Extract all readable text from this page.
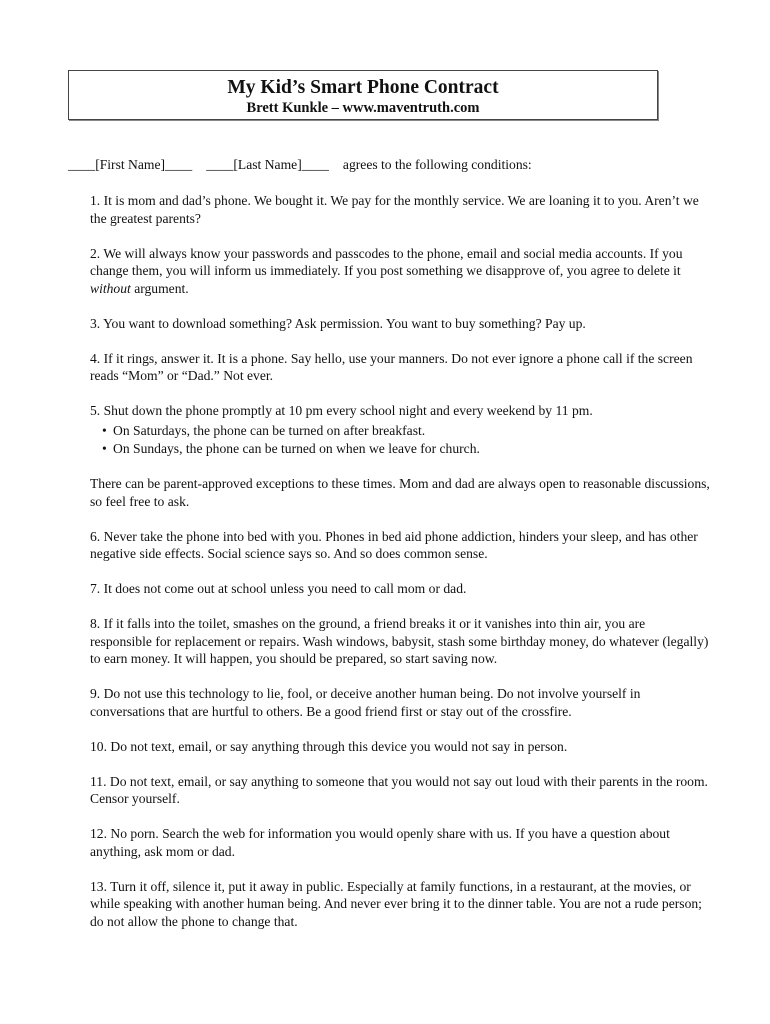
My Kid’s Smart Phone Contract
Brett Kunkle – www.maventruth.com
____[First Name]____ ____[Last Name]____ agrees to the following conditions:

1. It is mom and dad’s phone. We bought it. We pay for the monthly service. We are loaning it to you. Aren’t we the greatest parents?

2. We will always know your passwords and passcodes to the phone, email and social media accounts. If you change them, you will inform us immediately. If you post something we disapprove of, you agree to delete it without argument.

3. You want to download something? Ask permission. You want to buy something? Pay up.

4. If it rings, answer it. It is a phone. Say hello, use your manners. Do not ever ignore a phone call if the screen reads “Mom” or “Dad.” Not ever.

5. Shut down the phone promptly at 10 pm every school night and every weekend by 11 pm.

• On Saturdays, the phone can be turned on after breakfast.
• On Sundays, the phone can be turned on when we leave for church.

There can be parent-approved exceptions to these times. Mom and dad are always open to reasonable discussions, so feel free to ask.

6. Never take the phone into bed with you. Phones in bed aid phone addiction, hinders your sleep, and has other negative side effects. Social science says so. And so does common sense.

7. It does not come out at school unless you need to call mom or dad.

8. If it falls into the toilet, smashes on the ground, a friend breaks it or it vanishes into thin air, you are responsible for replacement or repairs. Wash windows, babysit, stash some birthday money, do whatever (legally) to earn money. It will happen, you should be prepared, so start saving now.

9. Do not use this technology to lie, fool, or deceive another human being. Do not involve yourself in conversations that are hurtful to others. Be a good friend first or stay out of the crossfire.

10. Do not text, email, or say anything through this device you would not say in person.

11. Do not text, email, or say anything to someone that you would not say out loud with their parents in the room. Censor yourself.

12. No porn. Search the web for information you would openly share with us. If you have a question about anything, ask mom or dad.

13. Turn it off, silence it, put it away in public. Especially at family functions, in a restaurant, at the movies, or while speaking with another human being. And never ever bring it to the dinner table. You are not a rude person; do not allow the phone to change that.
